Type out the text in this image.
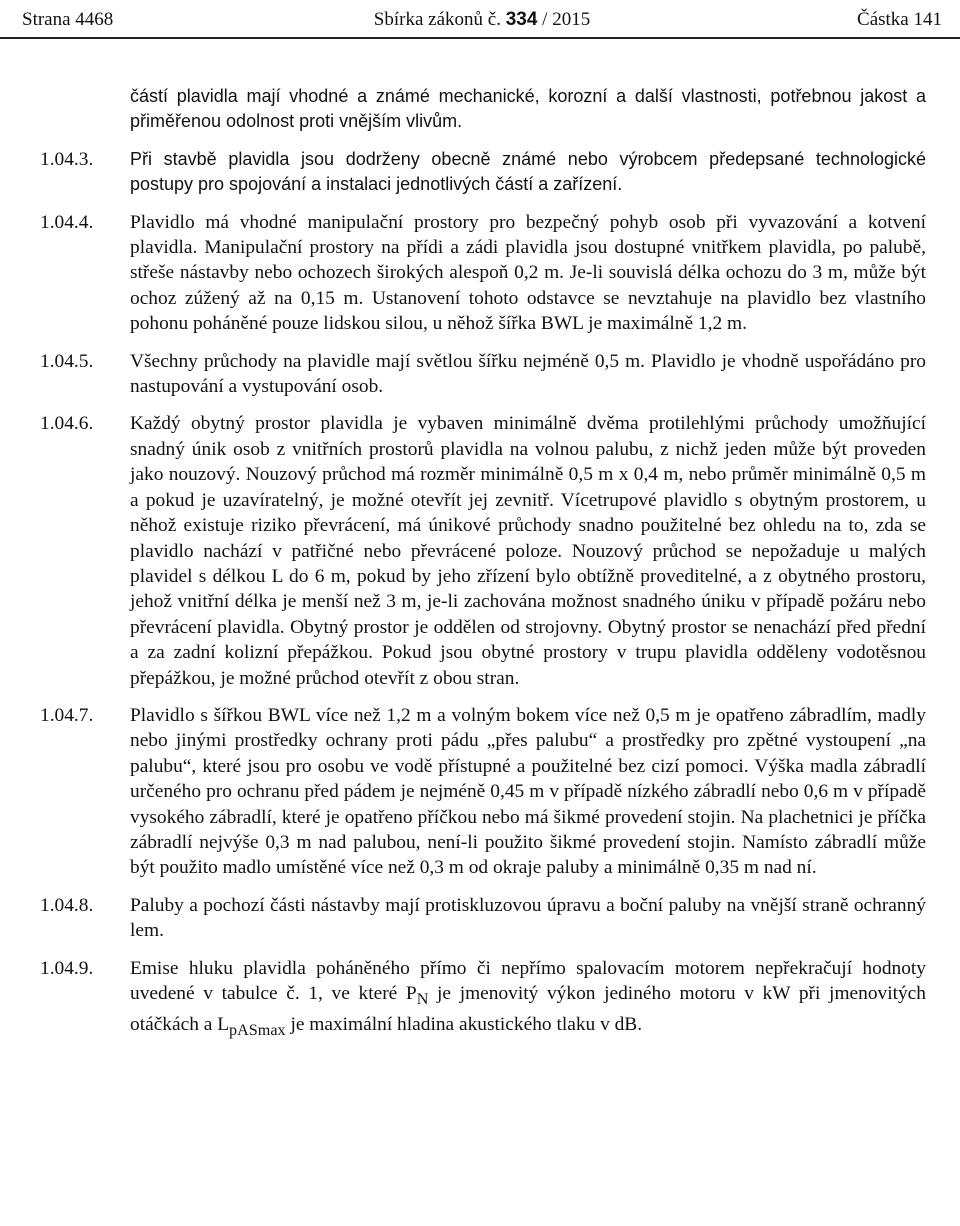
Strana 4468	Sbírka zákonů č. 334 / 2015	Částka 141
částí plavidla mají vhodné a známé mechanické, korozní a další vlastnosti, potřebnou jakost a přiměřenou odolnost proti vnějším vlivům.
1.04.3.	Při stavbě plavidla jsou dodrženy obecně známé nebo výrobcem předepsané technologické postupy pro spojování a instalaci jednotlivých částí a zařízení.
1.04.4.	Plavidlo má vhodné manipulační prostory pro bezpečný pohyb osob při vyvazování a kotvení plavidla. Manipulační prostory na přídi a zádi plavidla jsou dostupné vnitřkem plavidla, po palubě, střeše nástavby nebo ochozech širokých alespoň 0,2 m. Je-li souvislá délka ochozu do 3 m, může být ochoz zúžený až na 0,15 m. Ustanovení tohoto odstavce se nevztahuje na plavidlo bez vlastního pohonu poháněné pouze lidskou silou, u něhož šířka BWL je maximálně 1,2 m.
1.04.5.	Všechny průchody na plavidle mají světlou šířku nejméně 0,5 m. Plavidlo je vhodně uspořádáno pro nastupování a vystupování osob.
1.04.6.	Každý obytný prostor plavidla je vybaven minimálně dvěma protilehlými průchody umožňující snadný únik osob z vnitřních prostorů plavidla na volnou palubu, z nichž jeden může být proveden jako nouzový. Nouzový průchod má rozměr minimálně 0,5 m x 0,4 m, nebo průměr minimálně 0,5 m a pokud je uzavíratelný, je možné otevřít jej zevnitř. Vícetrupové plavidlo s obytným prostorem, u něhož existuje riziko převrácení, má únikové průchody snadno použitelné bez ohledu na to, zda se plavidlo nachází v patřičné nebo převrácené poloze. Nouzový průchod se nepožaduje u malých plavidel s délkou L do 6 m, pokud by jeho zřízení bylo obtížně proveditelné, a z obytného prostoru, jehož vnitřní délka je menší než 3 m, je-li zachována možnost snadného úniku v případě požáru nebo převrácení plavidla. Obytný prostor je oddělen od strojovny. Obytný prostor se nenachází před přední a za zadní kolizní přepážkou. Pokud jsou obytné prostory v trupu plavidla odděleny vodotěsnou přepážkou, je možné průchod otevřít z obou stran.
1.04.7.	Plavidlo s šířkou BWL více než 1,2 m a volným bokem více než 0,5 m je opatřeno zábradlím, madly nebo jinými prostředky ochrany proti pádu „přes palubu“ a prostředky pro zpětné vystoupení „na palubu“, které jsou pro osobu ve vodě přístupné a použitelné bez cizí pomoci. Výška madla zábradlí určeného pro ochranu před pádem je nejméně 0,45 m v případě nízkého zábradlí nebo 0,6 m v případě vysokého zábradlí, které je opatřeno příčkou nebo má šikmé provedení stojin. Na plachetnici je příčka zábradlí nejvýše 0,3 m nad palubou, není-li použito šikmé provedení stojin. Namísto zábradlí může být použito madlo umístěné více než 0,3 m od okraje paluby a minimálně 0,35 m nad ní.
1.04.8.	Paluby a pochozí části nástavby mají protiskluzovou úpravu a boční paluby na vnější straně ochranný lem.
1.04.9.	Emise hluku plavidla poháněného přímo či nepřímo spalovacím motorem nepřekračují hodnoty uvedené v tabulce č. 1, ve které $P_N$ je jmenovitý výkon jediného motoru v kW při jmenovitých otáčkách a $L_{pASmax}$ je maximální hladina akustického tlaku v dB.
